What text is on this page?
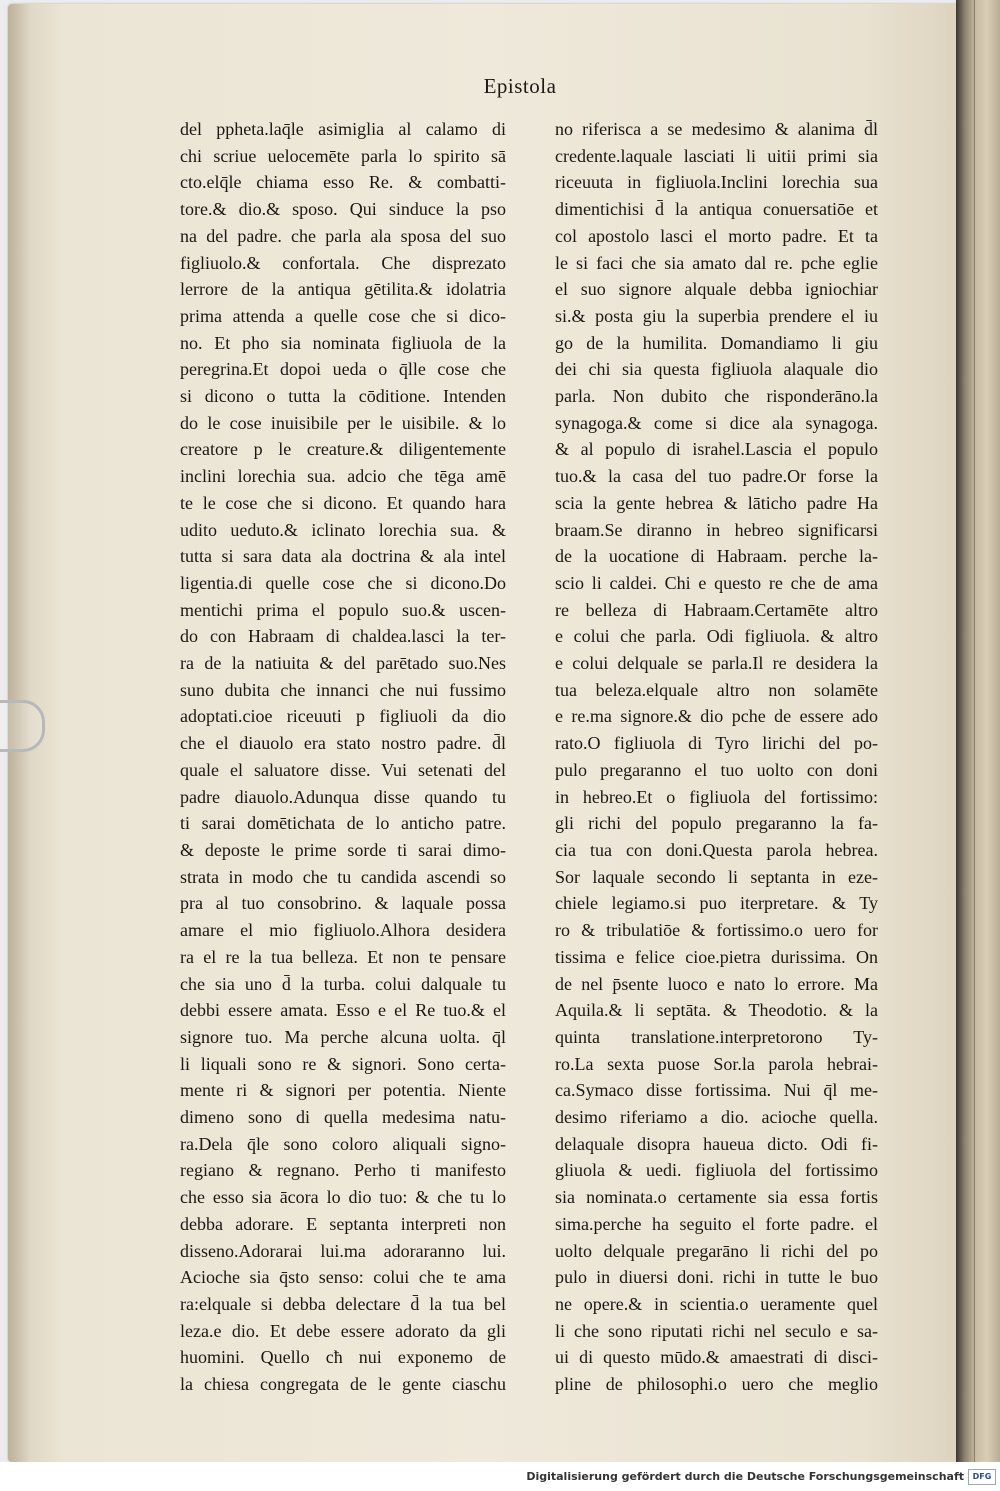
Epistola
del ppheta.laq̄le asimiglia al calamo di
chi scriue uelocemēte parla lo spirito sā
cto.elq̄le chiama esso Re. & combatti-
tore.& dio.& sposo. Qui sinduce la pso
na del padre. che parla ala sposa del suo
figliuolo.& confortala. Che disprezato
lerrore de la antiqua gētilita.& idolatria
prima attenda a quelle cose che si dico-
no. Et pho sia nominata figliuola de la
peregrina.Et dopoi ueda o q̄lle cose che
si dicono o tutta la cōditione. Intenden
do le cose inuisibile per le uisibile. & lo
creatore p le creature.& diligentemente
inclini lorechia sua. adcio che tēga amē
te le cose che si dicono. Et quando hara
udito ueduto.& iclinato lorechia sua. &
tutta si sara data ala doctrina & ala intel
ligentia.di quelle cose che si dicono.Do
mentichi prima el populo suo.& uscen-
do con Habraam di chaldea.lasci la ter-
ra de la natiuita & del parētado suo.Nes
suno dubita che innanci che nui fussimo
adoptati.cioe riceuuti p figliuoli da dio
che el diauolo era stato nostro padre. d̄l
quale el saluatore disse. Vui setenati del
padre diauolo.Adunqua disse quando tu
ti sarai domētichata de lo anticho patre.
& deposte le prime sorde ti sarai dimo-
strata in modo che tu candida ascendi so
pra al tuo consobrino. & laquale possa
amare el mio figliuolo.Alhora desidera
ra el re la tua belleza. Et non te pensare
che sia uno d̄ la turba. colui dalquale tu
debbi essere amata. Esso e el Re tuo.& el
signore tuo. Ma perche alcuna uolta. q̄l
li liquali sono re & signori. Sono certa-
mente ri & signori per potentia. Niente
dimeno sono di quella medesima natu-
ra.Dela q̄le sono coloro aliquali signo-
regiano & regnano. Perho ti manifesto
che esso sia ācora lo dio tuo: & che tu lo
debba adorare. E septanta interpreti non
disseno.Adorarai lui.ma adoraranno lui.
Acioche sia q̄sto senso: colui che te ama
ra:elquale si debba delectare d̄ la tua bel
leza.e dio. Et debe essere adorato da gli
huomini. Quello cħ nui exponemo de
la chiesa congregata de le gente ciaschu
no riferisca a se medesimo & alanima d̄l
credente.laquale lasciati li uitii primi sia
riceuuta in figliuola.Inclini lorechia sua
dimentichisi d̄ la antiqua conuersatiōe et
col apostolo lasci el morto padre. Et ta
le si faci che sia amato dal re. pche eglie
el suo signore alquale debba igniochiar
si.& posta giu la superbia prendere el iu
go de la humilita. Domandiamo li giu
dei chi sia questa figliuola alaquale dio
parla. Non dubito che risponderāno.la
synagoga.& come si dice ala synagoga.
& al populo di israhel.Lascia el populo
tuo.& la casa del tuo padre.Or forse la
scia la gente hebrea & lāticho padre Ha
braam.Se diranno in hebreo significarsi
de la uocatione di Habraam. perche la-
scio li caldei. Chi e questo re che de ama
re belleza di Habraam.Certamēte altro
e colui che parla. Odi figliuola. & altro
e colui delquale se parla.Il re desidera la
tua beleza.elquale altro non solamēte
e re.ma signore.& dio pche de essere ado
rato.O figliuola di Tyro lirichi del po-
pulo pregaranno el tuo uolto con doni
in hebreo.Et o figliuola del fortissimo:
gli richi del populo pregaranno la fa-
cia tua con doni.Questa parola hebrea.
Sor laquale secondo li septanta in eze-
chiele legiamo.si puo iterpretare. & Ty
ro & tribulatiōe & fortissimo.o uero for
tissima e felice cioe.pietra durissima. On
de nel p̄sente luoco e nato lo errore. Ma
Aquila.& li septāta. & Theodotio. & la
quinta translatione.interpretorono Ty-
ro.La sexta puose Sor.la parola hebrai-
ca.Symaco disse fortissima. Nui q̄l me-
desimo riferiamo a dio. acioche quella.
delaquale disopra haueua dicto. Odi fi-
gliuola & uedi. figliuola del fortissimo
sia nominata.o certamente sia essa fortis
sima.perche ha seguito el forte padre. el
uolto delquale pregarāno li richi del po
pulo in diuersi doni. richi in tutte le buo
ne opere.& in scientia.o ueramente quel
li che sono riputati richi nel seculo e sa-
ui di questo mūdo.& amaestrati di disci-
pline de philosophi.o uero che meglio
Digitalisierung gefördert durch die Deutsche Forschungsgemeinschaft	DFG
